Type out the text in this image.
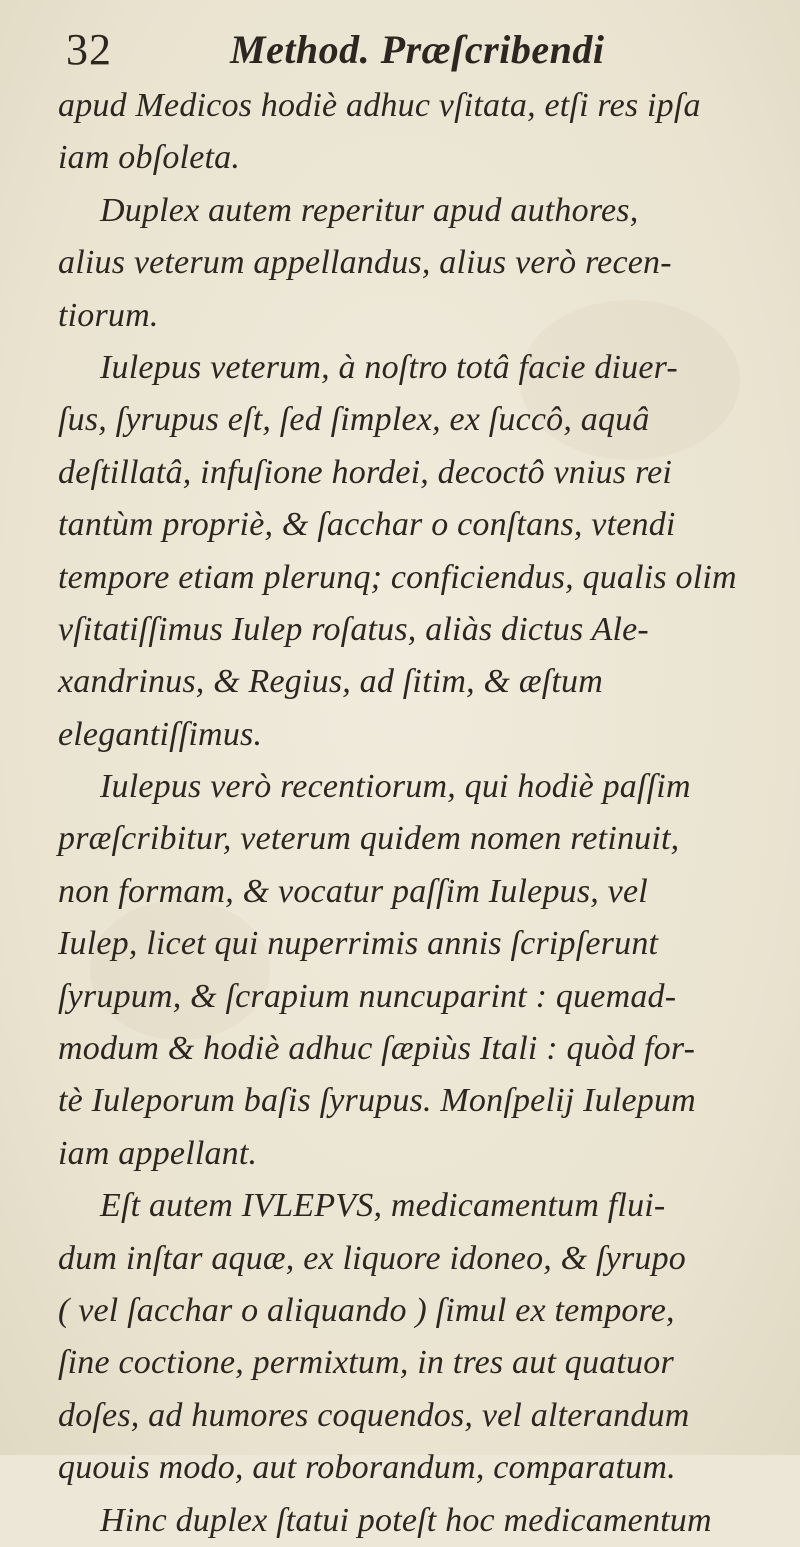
32	Method. Præſcribendi
apud Medicos hodiè adhuc vſitata, etſi res ipſa
iam obſoleta.
Duplex autem reperitur apud authores,
alius veterum appellandus, alius verò recen-
tiorum.
Iulepus veterum, à noſtro totâ facie diuer-
ſus, ſyrupus eſt, ſed ſimplex, ex ſuccô, aquâ
deſtillatâ, infuſione hordei, decoctô vnius rei
tantùm propriè, & ſacchar o conſtans, vtendi
tempore etiam plerunq; conficiendus, qualis olim
vſitatiſſimus Iulep roſatus, aliàs dictus Ale-
xandrinus, & Regius, ad ſitim, & æſtum
elegantiſſimus.
Iulepus verò recentiorum, qui hodiè paſſim
præſcribitur, veterum quidem nomen retinuit,
non formam, & vocatur paſſim Iulepus, vel
Iulep, licet qui nuperrimis annis ſcripſerunt
ſyrupum, & ſcrapium nuncuparint : quemad-
modum & hodiè adhuc ſæpiùs Itali : quòd for-
tè Iuleporum baſis ſyrupus. Monſpelij Iulepum
iam appellant.
Eſt autem IVLEPVS, medicamentum flui-
dum inſtar aquæ, ex liquore idoneo, & ſyrupo
( vel ſacchar o aliquando ) ſimul ex tempore,
ſine coctione, permixtum, in tres aut quatuor
doſes, ad humores coquendos, vel alterandum
quouis modo, aut roborandum, comparatum.
Hinc duplex ſtatui poteſt hoc medicamentum
